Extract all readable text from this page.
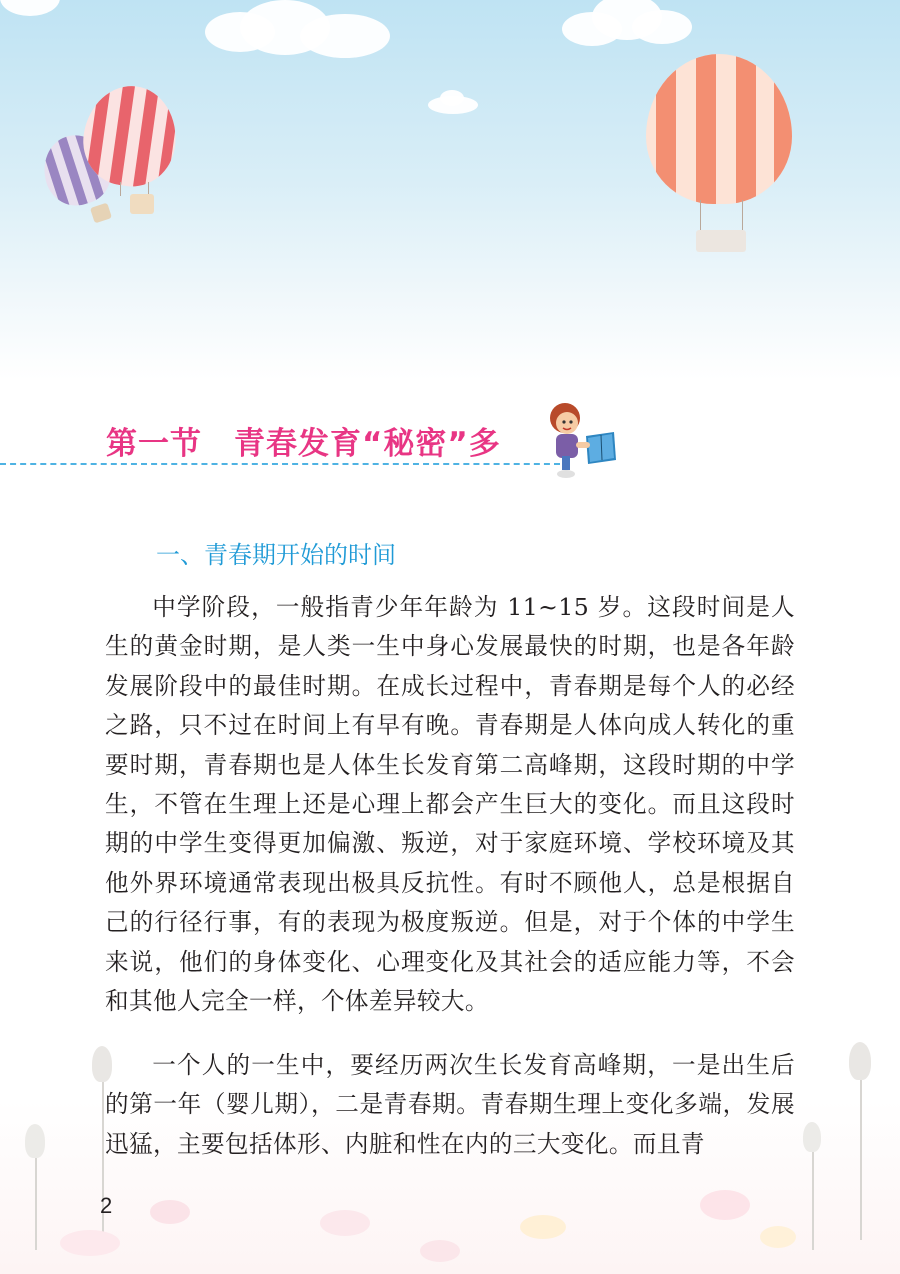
第一节　青春发育“秘密”多
一、青春期开始的时间

中学阶段，一般指青少年年龄为 11~15 岁。这段时间是人生的黄金时期，是人类一生中身心发展最快的时期，也是各年龄发展阶段中的最佳时期。在成长过程中，青春期是每个人的必经之路，只不过在时间上有早有晚。青春期是人体向成人转化的重要时期，青春期也是人体生长发育第二高峰期，这段时期的中学生，不管在生理上还是心理上都会产生巨大的变化。而且这段时期的中学生变得更加偏激、叛逆，对于家庭环境、学校环境及其他外界环境通常表现出极具反抗性。有时不顾他人，总是根据自己的行径行事，有的表现为极度叛逆。但是，对于个体的中学生来说，他们的身体变化、心理变化及其社会的适应能力等，不会和其他人完全一样，个体差异较大。

一个人的一生中，要经历两次生长发育高峰期，一是出生后的第一年（婴儿期），二是青春期。青春期生理上变化多端，发展迅猛，主要包括体形、内脏和性在内的三大变化。而且青

2
